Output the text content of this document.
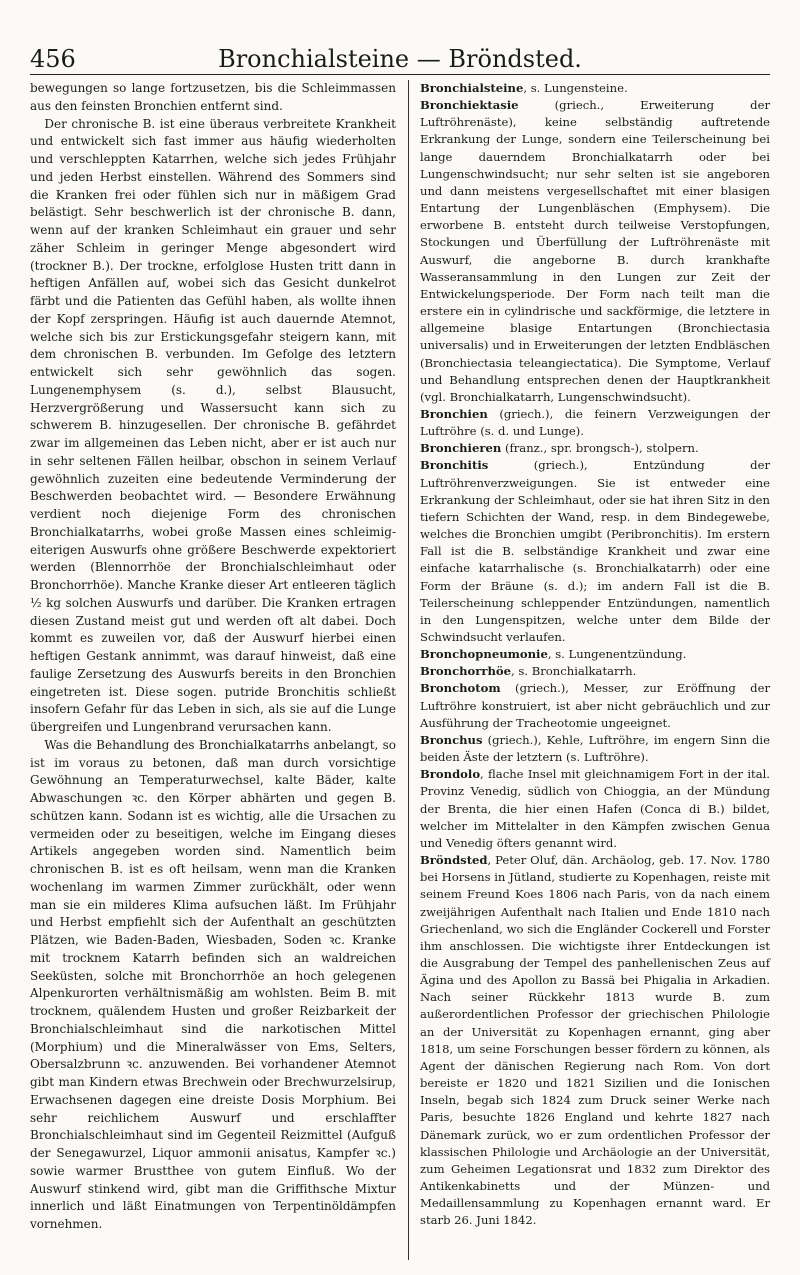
456	Bronchialsteine — Bröndsted.

bewegungen so lange fortzusetzen, bis die Schleimmassen aus den feinsten Bronchien entfernt sind.

Der chronische B. ist eine überaus verbreitete Krankheit und entwickelt sich fast immer aus häufig wiederholten und verschleppten Katarrhen, welche sich jedes Frühjahr und jeden Herbst einstellen. Während des Sommers sind die Kranken frei oder fühlen sich nur in mäßigem Grad belästigt. Sehr beschwerlich ist der chronische B. dann, wenn auf der kranken Schleimhaut ein grauer und sehr zäher Schleim in geringer Menge abgesondert wird (trockner B.). Der trockne, erfolglose Husten tritt dann in heftigen Anfällen auf, wobei sich das Gesicht dunkelrot färbt und die Patienten das Gefühl haben, als wollte ihnen der Kopf zerspringen. Häufig ist auch dauernde Atemnot, welche sich bis zur Erstickungsgefahr steigern kann, mit dem chronischen B. verbunden. Im Gefolge des letztern entwickelt sich sehr gewöhnlich das sogen. Lungenemphysem (s. d.), selbst Blausucht, Herzvergrößerung und Wassersucht kann sich zu schwerem B. hinzugesellen. Der chronische B. gefährdet zwar im allgemeinen das Leben nicht, aber er ist auch nur in sehr seltenen Fällen heilbar, obschon in seinem Verlauf gewöhnlich zuzeiten eine bedeutende Verminderung der Beschwerden beobachtet wird. — Besondere Erwähnung verdient noch diejenige Form des chronischen Bronchialkatarrhs, wobei große Massen eines schleimig-eiterigen Auswurfs ohne größere Beschwerde expektoriert werden (Blennorrhöe der Bronchialschleimhaut oder Bronchorrhöe). Manche Kranke dieser Art entleeren täglich ½ kg solchen Auswurfs und darüber. Die Kranken ertragen diesen Zustand meist gut und werden oft alt dabei. Doch kommt es zuweilen vor, daß der Auswurf hierbei einen heftigen Gestank annimmt, was darauf hinweist, daß eine faulige Zersetzung des Auswurfs bereits in den Bronchien eingetreten ist. Diese sogen. putride Bronchitis schließt insofern Gefahr für das Leben in sich, als sie auf die Lunge übergreifen und Lungenbrand verursachen kann.

Was die Behandlung des Bronchialkatarrhs anbelangt, so ist im voraus zu betonen, daß man durch vorsichtige Gewöhnung an Temperaturwechsel, kalte Bäder, kalte Abwaschungen ꝛc. den Körper abhärten und gegen B. schützen kann. Sodann ist es wichtig, alle die Ursachen zu vermeiden oder zu beseitigen, welche im Eingang dieses Artikels angegeben worden sind. Namentlich beim chronischen B. ist es oft heilsam, wenn man die Kranken wochenlang im warmen Zimmer zurückhält, oder wenn man sie ein milderes Klima aufsuchen läßt. Im Frühjahr und Herbst empfiehlt sich der Aufenthalt an geschützten Plätzen, wie Baden-Baden, Wiesbaden, Soden ꝛc. Kranke mit trocknem Katarrh befinden sich an waldreichen Seeküsten, solche mit Bronchorrhöe an hoch gelegenen Alpenkurorten verhältnismäßig am wohlsten. Beim B. mit trocknem, quälendem Husten und großer Reizbarkeit der Bronchialschleimhaut sind die narkotischen Mittel (Morphium) und die Mineralwässer von Ems, Selters, Obersalzbrunn ꝛc. anzuwenden. Bei vorhandener Atemnot gibt man Kindern etwas Brechwein oder Brechwurzelsirup, Erwachsenen dagegen eine dreiste Dosis Morphium. Bei sehr reichlichem Auswurf und erschlaffter Bronchialschleimhaut sind im Gegenteil Reizmittel (Aufguß der Senegawurzel, Liquor ammonii anisatus, Kampfer ꝛc.) sowie warmer Brustthee von gutem Einfluß. Wo der Auswurf stinkend wird, gibt man die Griffithsche Mixtur innerlich und läßt Einatmungen von Terpentinöldämpfen vornehmen.

Bronchialsteine, s. Lungensteine.

Bronchiektasie (griech., Erweiterung der Luftröhrenäste), keine selbständig auftretende Erkrankung der Lunge, sondern eine Teilerscheinung bei lange dauerndem Bronchialkatarrh oder bei Lungenschwindsucht; nur sehr selten ist sie angeboren und dann meistens vergesellschaftet mit einer blasigen Entartung der Lungenbläschen (Emphysem). Die erworbene B. entsteht durch teilweise Verstopfungen, Stockungen und Überfüllung der Luftröhrenäste mit Auswurf, die angeborne B. durch krankhafte Wasseransammlung in den Lungen zur Zeit der Entwickelungsperiode. Der Form nach teilt man die erstere ein in cylindrische und sackförmige, die letztere in allgemeine blasige Entartungen (Bronchiectasia universalis) und in Erweiterungen der letzten Endbläschen (Bronchiectasia teleangiectatica). Die Symptome, Verlauf und Behandlung entsprechen denen der Hauptkrankheit (vgl. Bronchialkatarrh, Lungenschwindsucht).

Bronchien (griech.), die feinern Verzweigungen der Luftröhre (s. d. und Lunge).

Bronchieren (franz., spr. brongsch-), stolpern.

Bronchitis (griech.), Entzündung der Luftröhrenverzweigungen. Sie ist entweder eine Erkrankung der Schleimhaut, oder sie hat ihren Sitz in den tiefern Schichten der Wand, resp. in dem Bindegewebe, welches die Bronchien umgibt (Peribronchitis). Im erstern Fall ist die B. selbständige Krankheit und zwar eine einfache katarrhalische (s. Bronchialkatarrh) oder eine Form der Bräune (s. d.); im andern Fall ist die B. Teilerscheinung schleppender Entzündungen, namentlich in den Lungenspitzen, welche unter dem Bilde der Schwindsucht verlaufen.

Bronchopneumonie, s. Lungenentzündung.

Bronchorrhöe, s. Bronchialkatarrh.

Bronchotom (griech.), Messer, zur Eröffnung der Luftröhre konstruiert, ist aber nicht gebräuchlich und zur Ausführung der Tracheotomie ungeeignet.

Bronchus (griech.), Kehle, Luftröhre, im engern Sinn die beiden Äste der letztern (s. Luftröhre).

Brondolo, flache Insel mit gleichnamigem Fort in der ital. Provinz Venedig, südlich von Chioggia, an der Mündung der Brenta, die hier einen Hafen (Conca di B.) bildet, welcher im Mittelalter in den Kämpfen zwischen Genua und Venedig öfters genannt wird.

Bröndsted, Peter Oluf, dän. Archäolog, geb. 17. Nov. 1780 bei Horsens in Jütland, studierte zu Kopenhagen, reiste mit seinem Freund Koes 1806 nach Paris, von da nach einem zweijährigen Aufenthalt nach Italien und Ende 1810 nach Griechenland, wo sich die Engländer Cockerell und Forster ihm anschlossen. Die wichtigste ihrer Entdeckungen ist die Ausgrabung der Tempel des panhellenischen Zeus auf Ägina und des Apollon zu Bassä bei Phigalia in Arkadien. Nach seiner Rückkehr 1813 wurde B. zum außerordentlichen Professor der griechischen Philologie an der Universität zu Kopenhagen ernannt, ging aber 1818, um seine Forschungen besser fördern zu können, als Agent der dänischen Regierung nach Rom. Von dort bereiste er 1820 und 1821 Sizilien und die Ionischen Inseln, begab sich 1824 zum Druck seiner Werke nach Paris, besuchte 1826 England und kehrte 1827 nach Dänemark zurück, wo er zum ordentlichen Professor der klassischen Philologie und Archäologie an der Universität, zum Geheimen Legationsrat und 1832 zum Direktor des Antikenkabinetts und der Münzen- und Medaillensammlung zu Kopenhagen ernannt ward. Er starb 26. Juni 1842.
